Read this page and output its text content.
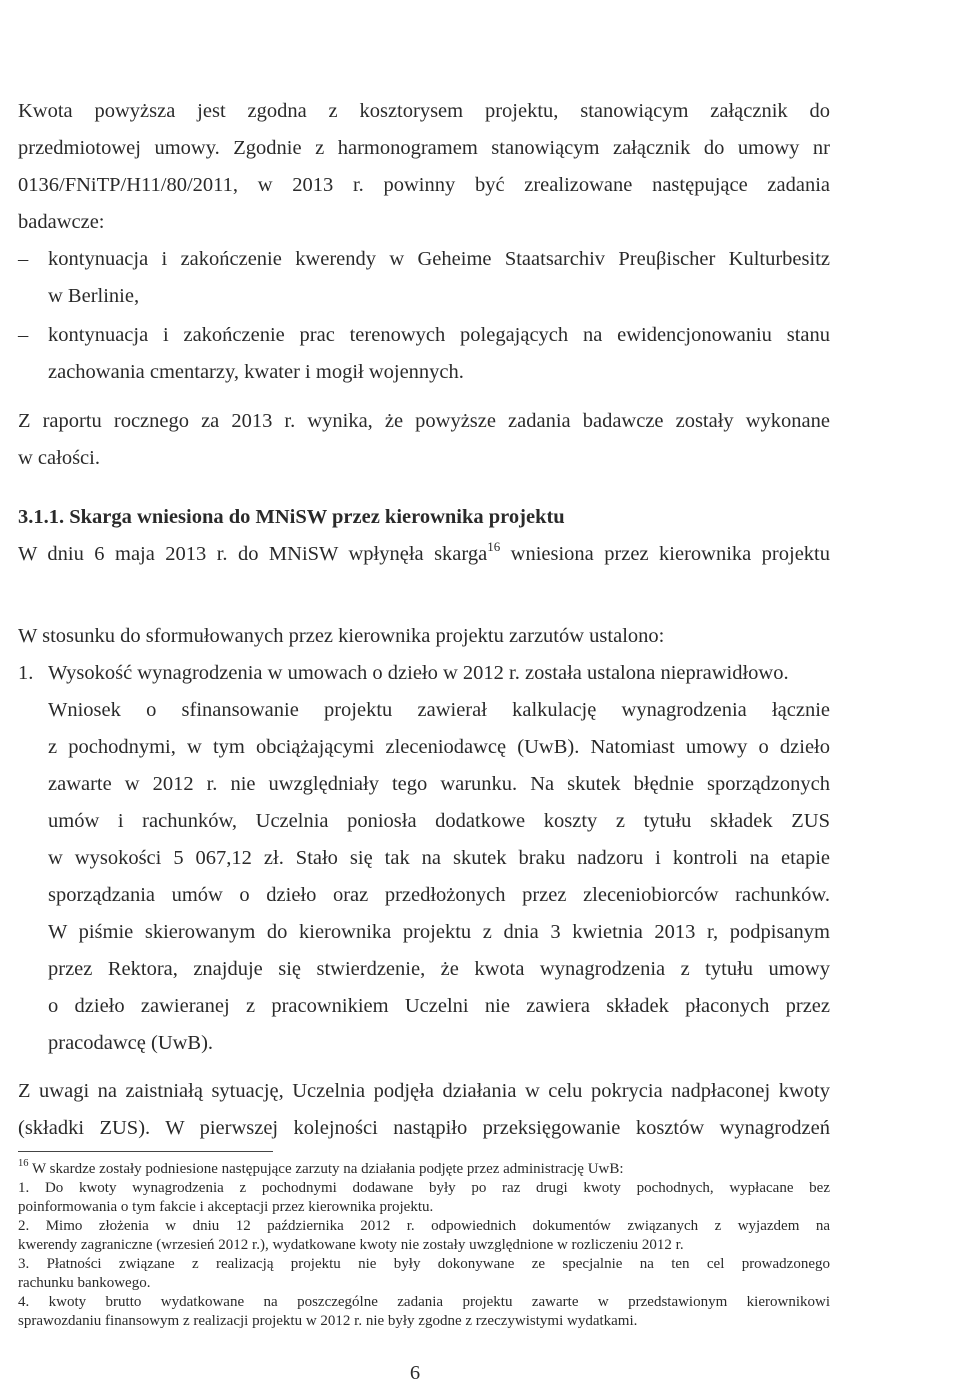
Kwota powyższa jest zgodna z kosztorysem projektu, stanowiącym załącznik do
przedmiotowej umowy. Zgodnie z harmonogramem stanowiącym załącznik do umowy nr
0136/FNiTP/H11/80/2011, w 2013 r. powinny być zrealizowane następujące zadania
badawcze:
– kontynuacja i zakończenie kwerendy w Geheime Staatsarchiv Preuβischer Kulturbesitz
w Berlinie,
– kontynuacja i zakończenie prac terenowych polegających na ewidencjonowaniu stanu
zachowania cmentarzy, kwater i mogił wojennych.
Z raportu rocznego za 2013 r. wynika, że powyższe zadania badawcze zostały wykonane
w całości.
3.1.1. Skarga wniesiona do MNiSW przez kierownika projektu
W dniu 6 maja 2013 r. do MNiSW wpłynęła skarga$^{16}$ wniesiona przez kierownika projektu
W stosunku do sformułowanych przez kierownika projektu zarzutów ustalono:
1. Wysokość wynagrodzenia w umowach o dzieło w 2012 r. została ustalona nieprawidłowo.
Wniosek o sfinansowanie projektu zawierał kalkulację wynagrodzenia łącznie
z pochodnymi, w tym obciążającymi zleceniodawcę (UwB). Natomiast umowy o dzieło
zawarte w 2012 r. nie uwzględniały tego warunku. Na skutek błędnie sporządzonych
umów i rachunków, Uczelnia poniosła dodatkowe koszty z tytułu składek ZUS
w wysokości 5 067,12 zł. Stało się tak na skutek braku nadzoru i kontroli na etapie
sporządzania umów o dzieło oraz przedłożonych przez zleceniobiorców rachunków.
W piśmie skierowanym do kierownika projektu z dnia 3 kwietnia 2013 r, podpisanym
przez Rektora, znajduje się stwierdzenie, że kwota wynagrodzenia z tytułu umowy
o dzieło zawieranej z pracownikiem Uczelni nie zawiera składek płaconych przez
pracodawcę (UwB).
Z uwagi na zaistniałą sytuację, Uczelnia podjęła działania w celu pokrycia nadpłaconej kwoty
(składki ZUS). W pierwszej kolejności nastąpiło przeksięgowanie kosztów wynagrodzeń
$^{16}$ W skardze zostały podniesione następujące zarzuty na działania podjęte przez administrację UwB:
1. Do kwoty wynagrodzenia z pochodnymi dodawane były po raz drugi kwoty pochodnych, wypłacane bez
poinformowania o tym fakcie i akceptacji przez kierownika projektu.
2. Mimo złożenia w dniu 12 października 2012 r. odpowiednich dokumentów związanych z wyjazdem na
kwerendy zagraniczne (wrzesień 2012 r.), wydatkowane kwoty nie zostały uwzględnione w rozliczeniu 2012 r.
3. Płatności związane z realizacją projektu nie były dokonywane ze specjalnie na ten cel prowadzonego
rachunku bankowego.
4. kwoty brutto wydatkowane na poszczególne zadania projektu zawarte w przedstawionym kierownikowi
sprawozdaniu finansowym z realizacji projektu w 2012 r. nie były zgodne z rzeczywistymi wydatkami.
6
